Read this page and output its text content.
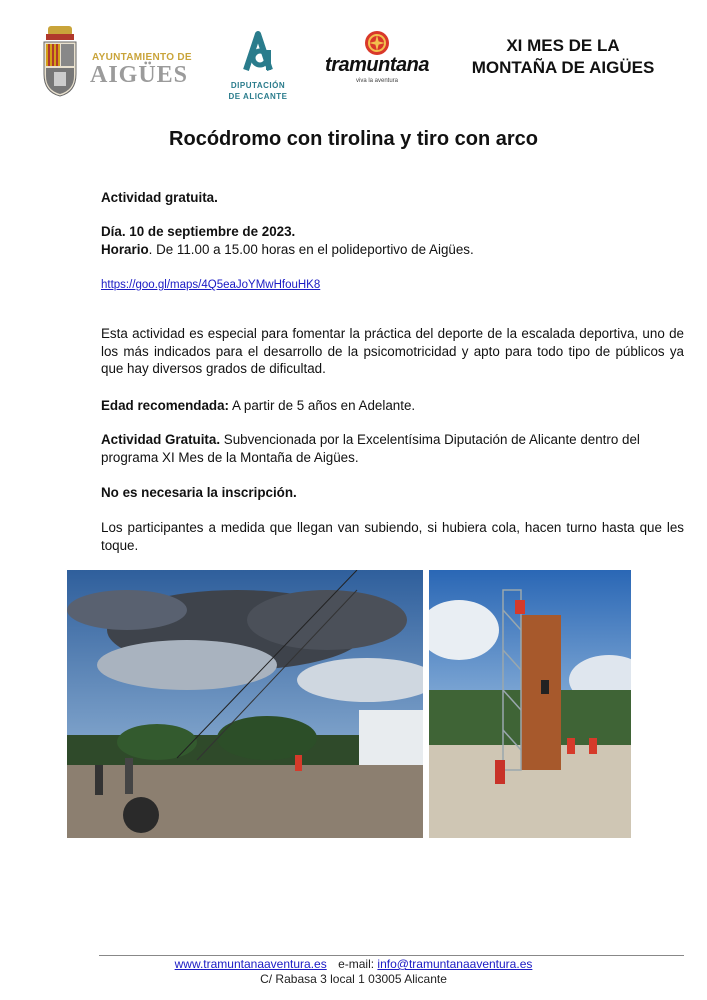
AYUNTAMIENTO DE
AIGÜES	DIPUTACIÓN
DE ALICANTE
tramuntana
viva la aventura
XI MES DE LA
MONTAÑA DE AIGÜES
Rocódromo con tirolina y tiro con arco
Actividad gratuita.
Día. 10 de septiembre de 2023.
Horario. De 11.00 a 15.00 horas en el polideportivo de Aigües.
https://goo.gl/maps/4Q5eaJoYMwHfouHK8
Esta actividad es especial para fomentar la práctica del deporte de la escalada deportiva, uno de los más indicados para el desarrollo de la psicomotricidad y apto para todo tipo de públicos ya que hay diversos grados de dificultad.
Edad recomendada: A partir de 5 años en Adelante.
Actividad Gratuita. Subvencionada por la Excelentísima Diputación de Alicante dentro del programa XI Mes de la Montaña de Aigües.
No es necesaria la inscripción.
Los participantes a medida que llegan van subiendo, si hubiera cola, hacen turno hasta que les toque.
www.tramuntanaaventura.es e-mail: info@tramuntanaaventura.es
C/ Rabasa 3 local 1 03005 Alicante
